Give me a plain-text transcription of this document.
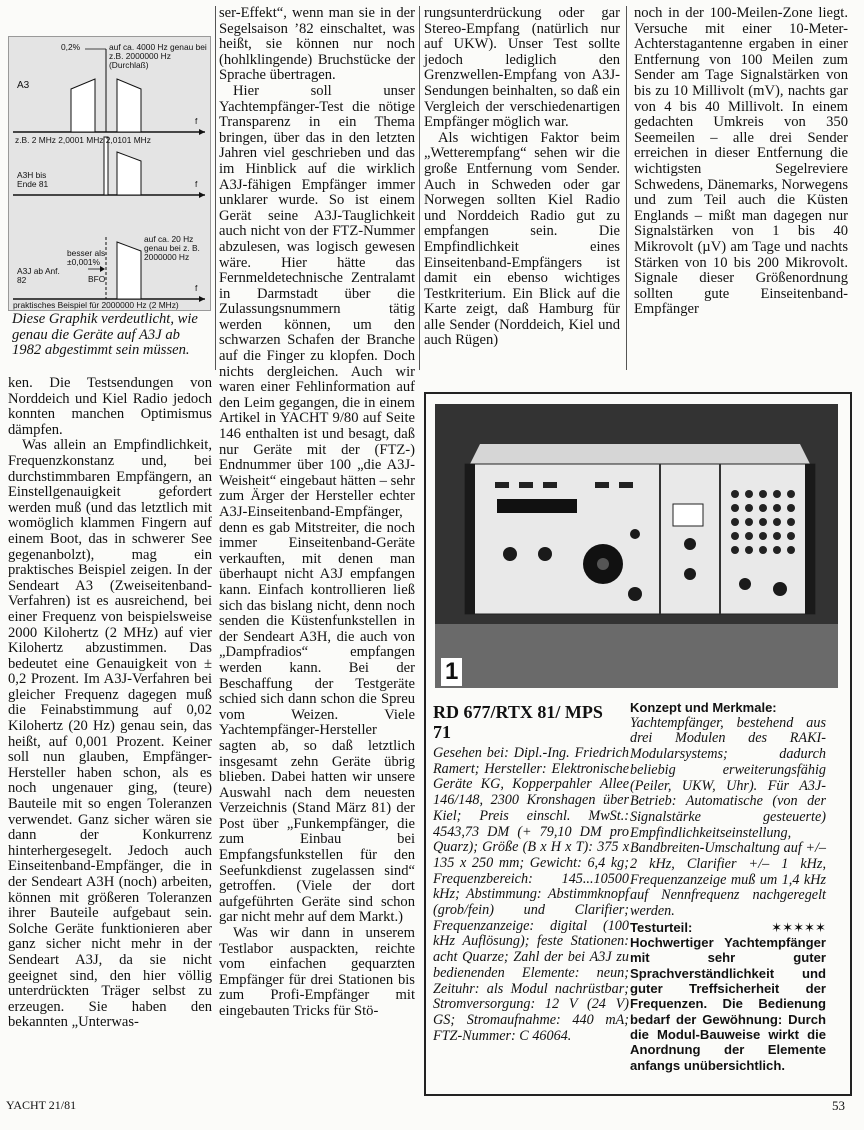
0,2%	auf ca. 4000 Hz genau bei z.B. 2000000 Hz (Durchlaß)
A3
z.B. 2 MHz 2,0001 MHz 2,0101 MHz
f
A3H bis Ende 81	f
besser als ±0,001%
auf ca. 20 Hz genau bei z. B. 2000000 Hz
A3J ab Anf. 82	BFO
f
praktisches Beispiel für 2000000 Hz (2 MHz)
Diese Graphik verdeutlicht, wie genau die Geräte auf A3J ab 1982 abgestimmt sein müssen.

ken. Die Testsendungen von Norddeich und Kiel Radio jedoch konnten manchen Optimismus dämpfen.

Was allein an Empfindlichkeit, Frequenzkonstanz und, bei durchstimmbaren Empfängern, an Einstellgenauigkeit gefordert werden muß (und das letztlich mit womöglich klammen Fingern auf einem Boot, das in schwerer See gegenanbolzt), mag ein praktisches Beispiel zeigen. In der Sendeart A3 (Zweiseitenband-Verfahren) ist es ausreichend, bei einer Frequenz von beispielsweise 2000 Kilohertz (2 MHz) auf vier Kilohertz abzustimmen. Das bedeutet eine Genauigkeit von ± 0,2 Prozent. Im A3J-Verfahren bei gleicher Frequenz dagegen muß die Feinabstimmung auf 0,02 Kilohertz (20 Hz) genau sein, das heißt, auf 0,001 Prozent. Keiner soll nun glauben, Empfänger-Hersteller haben schon, als es noch ungenauer ging, (teure) Bauteile mit so engen Toleranzen verwendet. Ganz sicher wären sie dann der Konkurrenz hinterhergesegelt. Jedoch auch Einseitenband-Empfänger, die in der Sendeart A3H (noch) arbeiten, können mit größeren Toleranzen ihrer Bauteile aufgebaut sein. Solche Geräte funktionieren aber ganz sicher nicht mehr in der Sendeart A3J, da sie nicht geeignet sind, den hier völlig unterdrückten Träger selbst zu erzeugen. Sie haben den bekannten „Unterwas-

ser-Effekt“, wenn man sie in der Segelsaison ’82 einschaltet, was heißt, sie können nur noch (hohlklingende) Bruchstücke der Sprache übertragen.

Hier soll unser Yachtempfänger-Test die nötige Transparenz in ein Thema bringen, über das in den letzten Jahren viel geschrieben und das im Hinblick auf die wirklich A3J-fähigen Empfänger immer unklarer wurde. So ist einem Gerät seine A3J-Tauglichkeit auch nicht von der FTZ-Nummer abzulesen, was logisch gewesen wäre. Hier hätte das Fernmeldetechnische Zentralamt in Darmstadt über die Zulassungsnummern tätig werden können, um den schwarzen Schafen der Branche auf die Finger zu klopfen. Doch nichts dergleichen. Auch wir waren einer Fehlinformation auf den Leim gegangen, die in einem Artikel in YACHT 9/80 auf Seite 146 enthalten ist und besagt, daß nur Geräte mit der (FTZ-) Endnummer über 100 „die A3J-Weisheit“ eingebaut hätten – sehr zum Ärger der Hersteller echter A3J-Einseitenband-Empfänger, denn es gab Mitstreiter, die noch immer Einseitenband-Geräte verkauften, mit denen man überhaupt nicht A3J empfangen kann. Einfach kontrollieren ließ sich das bislang nicht, denn noch senden die Küstenfunkstellen in der Sendeart A3H, die auch von „Dampfradios“ empfangen werden kann. Bei der Beschaffung der Testgeräte schied sich dann schon die Spreu vom Weizen. Viele Yachtempfänger-Hersteller sagten ab, so daß letztlich insgesamt zehn Geräte übrig blieben. Dabei hatten wir unsere Auswahl nach dem neuesten Verzeichnis (Stand März 81) der Post über „Funkempfänger, die zum Einbau bei Empfangsfunkstellen für den Seefunkdienst zugelassen sind“ getroffen. (Viele der dort aufgeführten Geräte sind schon gar nicht mehr auf dem Markt.)

Was wir dann in unserem Testlabor auspackten, reichte vom einfachen gequarzten Empfänger für drei Stationen bis zum Profi-Empfänger mit eingebauten Tricks für Stö-

rungsunterdrückung oder gar Stereo-Empfang (natürlich nur auf UKW). Unser Test sollte jedoch lediglich den Grenzwellen-Empfang von A3J-Sendungen beinhalten, so daß ein Vergleich der verschiedenartigen Empfänger möglich war.

Als wichtigen Faktor beim „Wetterempfang“ sehen wir die große Entfernung vom Sender. Auch in Schweden oder gar Norwegen sollten Kiel Radio und Norddeich Radio gut zu empfangen sein. Die Empfindlichkeit eines Einseitenband-Empfängers ist damit ein ebenso wichtiges Testkriterium. Ein Blick auf die Karte zeigt, daß Hamburg für alle Sender (Norddeich, Kiel und auch Rügen)

noch in der 100-Meilen-Zone liegt. Versuche mit einer 10-Meter-Achterstagantenne ergaben in einer Entfernung von 100 Meilen zum Sender am Tage Signalstärken von bis zu 10 Millivolt (mV), nachts gar von 4 bis 40 Millivolt. In einem gedachten Umkreis von 350 Seemeilen – alle drei Sender erreichen in dieser Entfernung die wichtigsten Segelreviere Schwedens, Dänemarks, Norwegens und zum Teil auch die Küsten Englands – mißt man dagegen nur Signalstärken von 1 bis 40 Mikrovolt (µV) am Tage und nachts Stärken von 10 bis 200 Mikrovolt. Signale dieser Größenordnung sollten gute Einseitenband-Empfänger

1
RD 677/RTX 81/ MPS 71
Gesehen bei: Dipl.-Ing. Friedrich Ramert; Hersteller: Elektronische Geräte KG, Kopperpahler Allee 146/148, 2300 Kronshagen über Kiel; Preis einschl. MwSt.: 4543,73 DM (+ 79,10 DM pro Quarz); Größe (B x H x T): 375 x 135 x 250 mm; Gewicht: 6,4 kg; Frequenzbereich: 145...10500 kHz; Abstimmung: Abstimmknopf (grob/fein) und Clarifier; Frequenzanzeige: digital (100 kHz Auflösung); feste Stationen: acht Quarze; Zahl der bei A3J zu bedienenden Elemente: neun; Zeituhr: als Modul nachrüstbar; Stromversorgung: 12 V (24 V) GS; Stromaufnahme: 440 mA; FTZ-Nummer: C 46064.
Konzept und Merkmale:
Yachtempfänger, bestehend aus drei Modulen des RAKI-Modularsystems; dadurch beliebig erweiterungsfähig (Peiler, UKW, Uhr). Für A3J-Betrieb: Automatische (von der Signalstärke gesteuerte) Empfindlichkeitseinstellung, Bandbreiten-Umschaltung auf +/– 2 kHz, Clarifier +/– 1 kHz, Frequenzanzeige muß um 1,4 kHz auf Nennfrequenz nachgeregelt werden.
Testurteil:	✶✶✶✶✶ Hochwertiger Yachtempfänger mit sehr guter Sprachverständlichkeit und guter Treffsicherheit der Frequenzen. Die Bedienung bedarf der Gewöhnung: Durch die Modul-Bauweise wirkt die Anordnung der Elemente anfangs unübersichtlich.
YACHT 21/81	53
